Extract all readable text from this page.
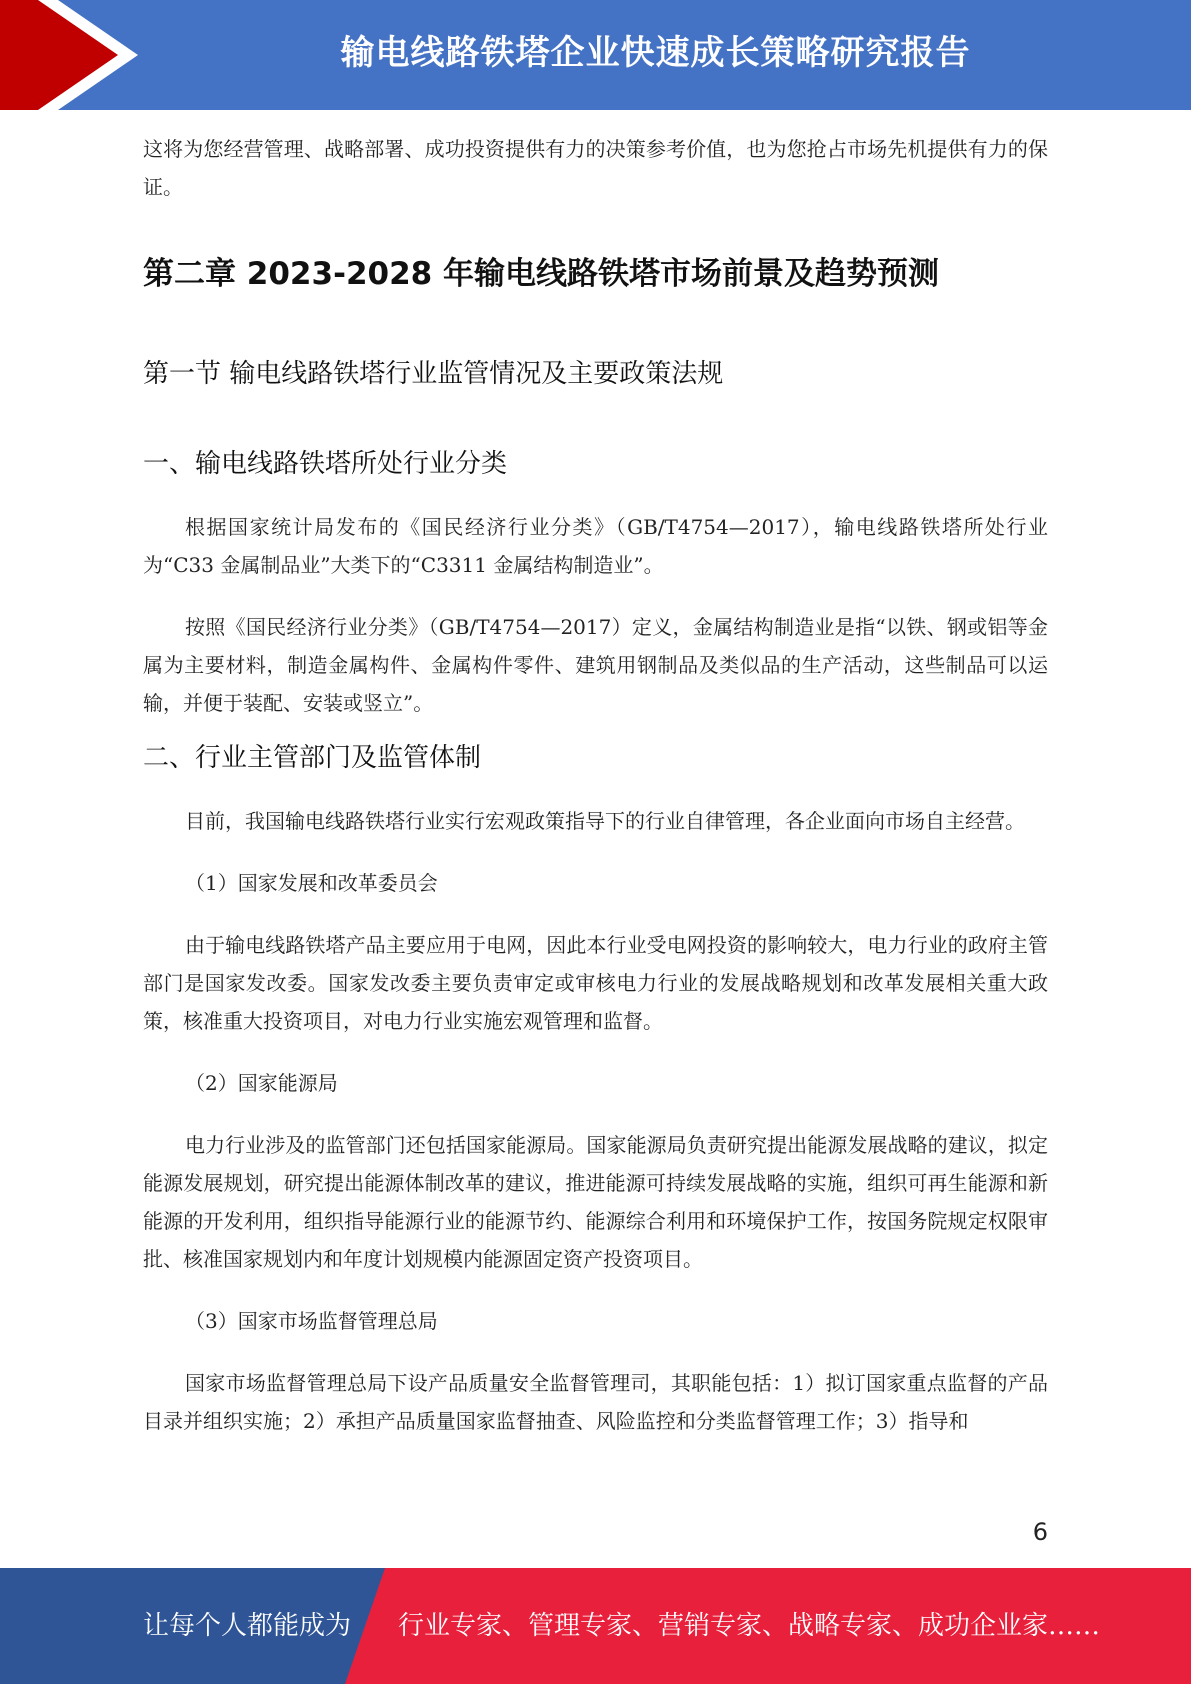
输电线路铁塔企业快速成长策略研究报告

这将为您经营管理、战略部署、成功投资提供有力的决策参考价值，也为您抢占市场先机提供有力的保证。

第二章 2023-2028 年输电线路铁塔市场前景及趋势预测
第一节 输电线路铁塔行业监管情况及主要政策法规
一、输电线路铁塔所处行业分类

根据国家统计局发布的《国民经济行业分类》（GB/T4754—2017），输电线路铁塔所处行业为“C33 金属制品业”大类下的“C3311 金属结构制造业”。

按照《国民经济行业分类》（GB/T4754—2017）定义，金属结构制造业是指“以铁、钢或铝等金属为主要材料，制造金属构件、金属构件零件、建筑用钢制品及类似品的生产活动，这些制品可以运输，并便于装配、安装或竖立”。

二、行业主管部门及监管体制

目前，我国输电线路铁塔行业实行宏观政策指导下的行业自律管理，各企业面向市场自主经营。

（1）国家发展和改革委员会

由于输电线路铁塔产品主要应用于电网，因此本行业受电网投资的影响较大，电力行业的政府主管部门是国家发改委。国家发改委主要负责审定或审核电力行业的发展战略规划和改革发展相关重大政策，核准重大投资项目，对电力行业实施宏观管理和监督。

（2）国家能源局

电力行业涉及的监管部门还包括国家能源局。国家能源局负责研究提出能源发展战略的建议，拟定能源发展规划，研究提出能源体制改革的建议，推进能源可持续发展战略的实施，组织可再生能源和新能源的开发利用，组织指导能源行业的能源节约、能源综合利用和环境保护工作，按国务院规定权限审批、核准国家规划内和年度计划规模内能源固定资产投资项目。

（3）国家市场监督管理总局

国家市场监督管理总局下设产品质量安全监督管理司，其职能包括：1）拟订国家重点监督的产品目录并组织实施；2）承担产品质量国家监督抽查、风险监控和分类监督管理工作；3）指导和

6
让每个人都能成为 行业专家、管理专家、营销专家、战略专家、成功企业家……
